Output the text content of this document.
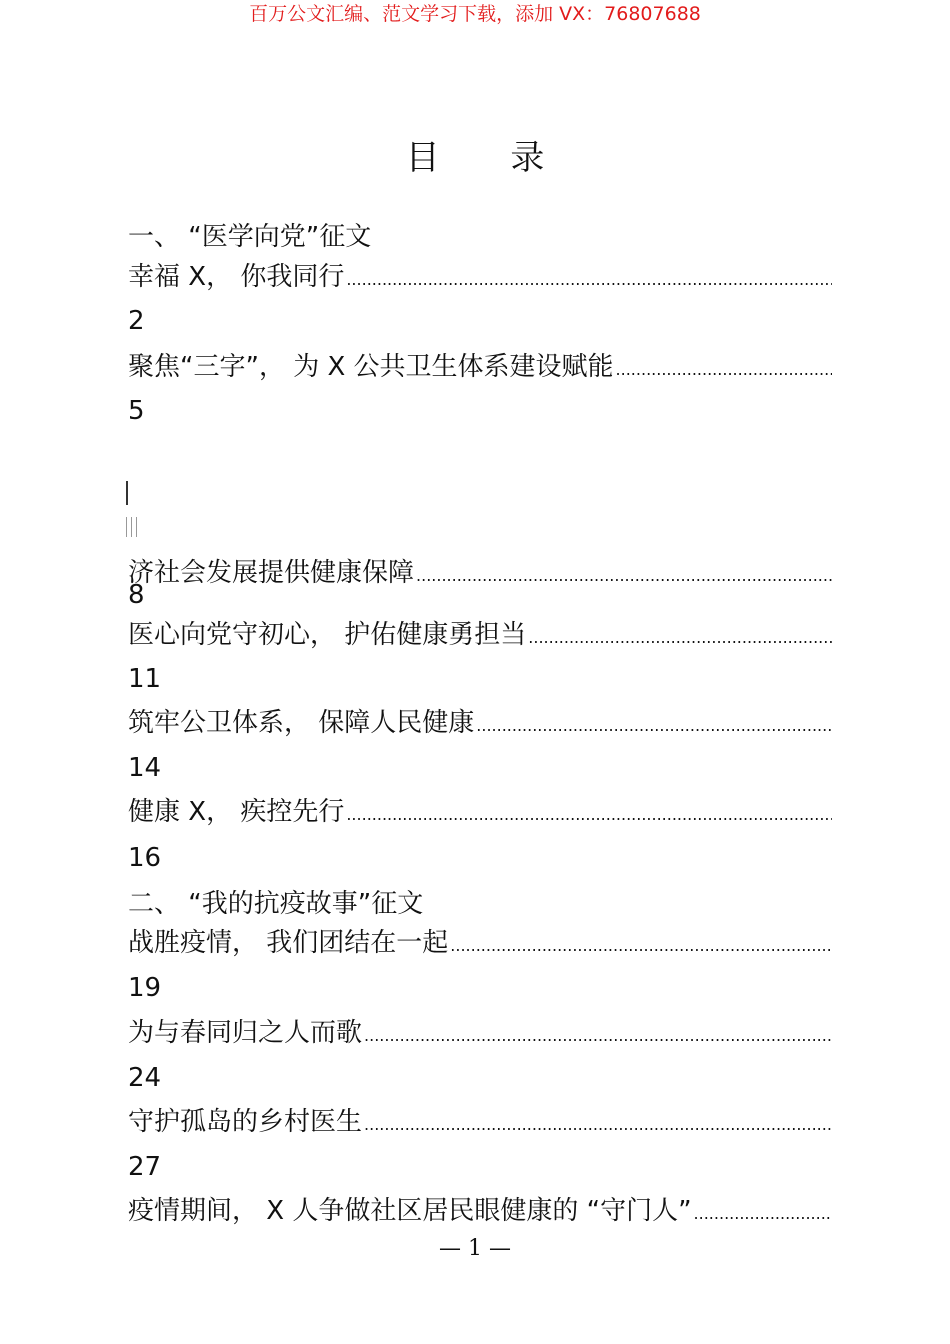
百万公文汇编、范文学习下载，添加 VX：76807688
目 录
一、 “医学向党”征文
幸福 X， 你我同行
.....
2
聚焦“三字”， 为 X 公共卫生体系建设赋能
.....
5
济社会发展提供健康保障
.....
8
医心向党守初心， 护佑健康勇担当
.....
11
筑牢公卫体系， 保障人民健康
.....
14
健康 X， 疾控先行
.....
16
二、 “我的抗疫故事”征文
战胜疫情， 我们团结在一起
.....
19
为与春同归之人而歌
.....
24
守护孤岛的乡村医生
.....
27
疫情期间， X 人争做社区居民眼健康的 “守门人”
.....
— 1 —
